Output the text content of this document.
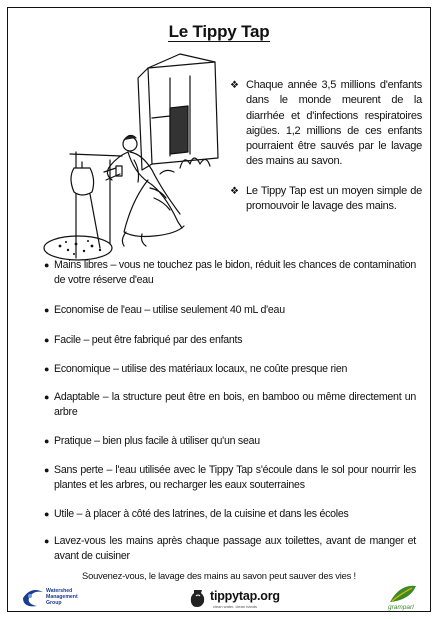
Le Tippy Tap
❖ Chaque année 3,5 millions d'enfants dans le monde meurent de la diarrhée et d'infections respiratoires aigües. 1,2 millions de ces enfants pourraient être sauvés par le lavage des mains au savon.
❖ Le Tippy Tap est un moyen simple de promouvoir le lavage des mains.
● Mains libres – vous ne touchez pas le bidon, réduit les chances de contamination de votre réserve d'eau
● Economise de l'eau – utilise seulement 40 mL d'eau
● Facile – peut être fabriqué par des enfants
● Economique – utilise des matériaux locaux, ne coûte presque rien
● Adaptable – la structure peut être en bois, en bamboo ou même directement un arbre
● Pratique – bien plus facile à utiliser qu'un seau
● Sans perte – l'eau utilisée avec le Tippy Tap s'écoule dans le sol pour nourrir les plantes et les arbres, ou recharger les eaux souterraines
● Utile – à placer à côté des latrines, de la cuisine et dans les écoles
● Lavez-vous les mains après chaque passage aux toilettes, avant de manger et avant de cuisiner
Souvenez-vous, le lavage des mains au savon peut sauver des vies !
Watershed
Management
Group
tippytap.org
clean water. clean hands	gramparl
